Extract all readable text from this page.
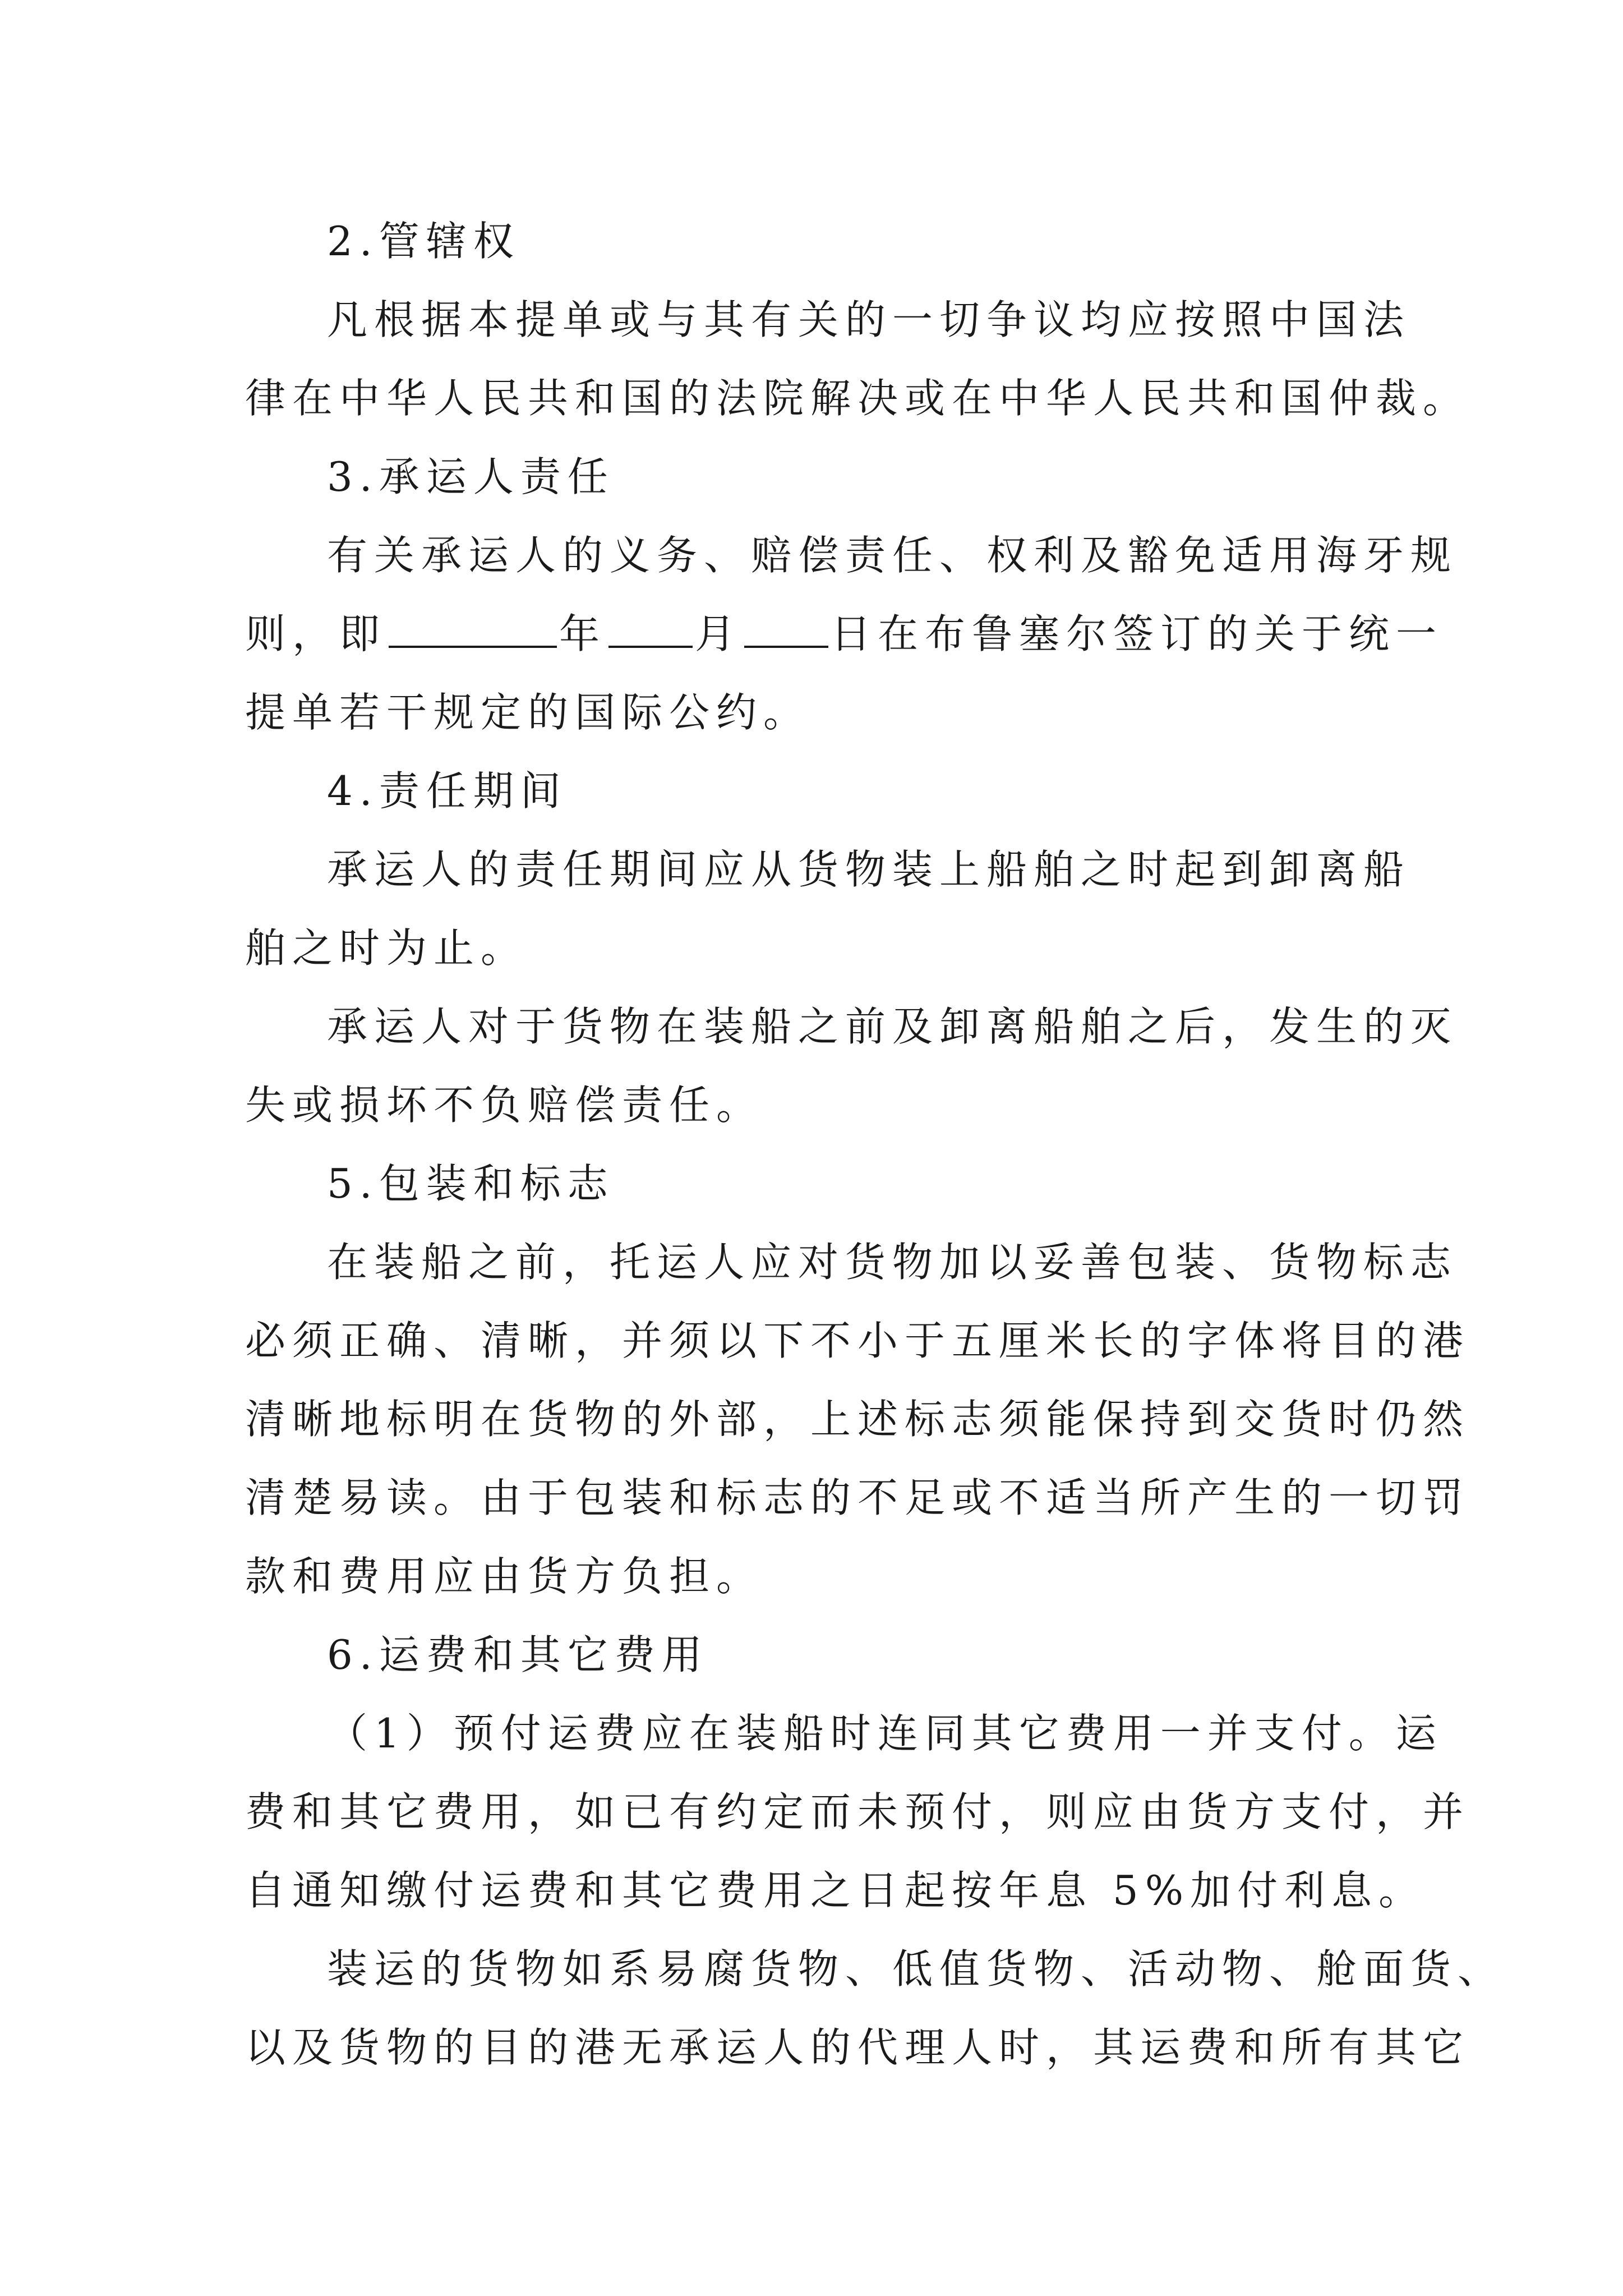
2.管辖权
凡根据本提单或与其有关的一切争议均应按照中国法
律在中华人民共和国的法院解决或在中华人民共和国仲裁。
3.承运人责任
有关承运人的义务、赔偿责任、权利及豁免适用海牙规
则，即	年 月 日在布鲁塞尔签订的关于统一
提单若干规定的国际公约。
4.责任期间
承运人的责任期间应从货物装上船舶之时起到卸离船
舶之时为止。
承运人对于货物在装船之前及卸离船舶之后，发生的灭
失或损坏不负赔偿责任。
5.包装和标志
在装船之前，托运人应对货物加以妥善包装、货物标志
必须正确、清晰，并须以下不小于五厘米长的字体将目的港
清晰地标明在货物的外部，上述标志须能保持到交货时仍然
清楚易读。由于包装和标志的不足或不适当所产生的一切罚
款和费用应由货方负担。
6.运费和其它费用
（1）预付运费应在装船时连同其它费用一并支付。运
费和其它费用，如已有约定而未预付，则应由货方支付，并
自通知缴付运费和其它费用之日起按年息 5%加付利息。
装运的货物如系易腐货物、低值货物、活动物、舱面货、
以及货物的目的港无承运人的代理人时，其运费和所有其它
